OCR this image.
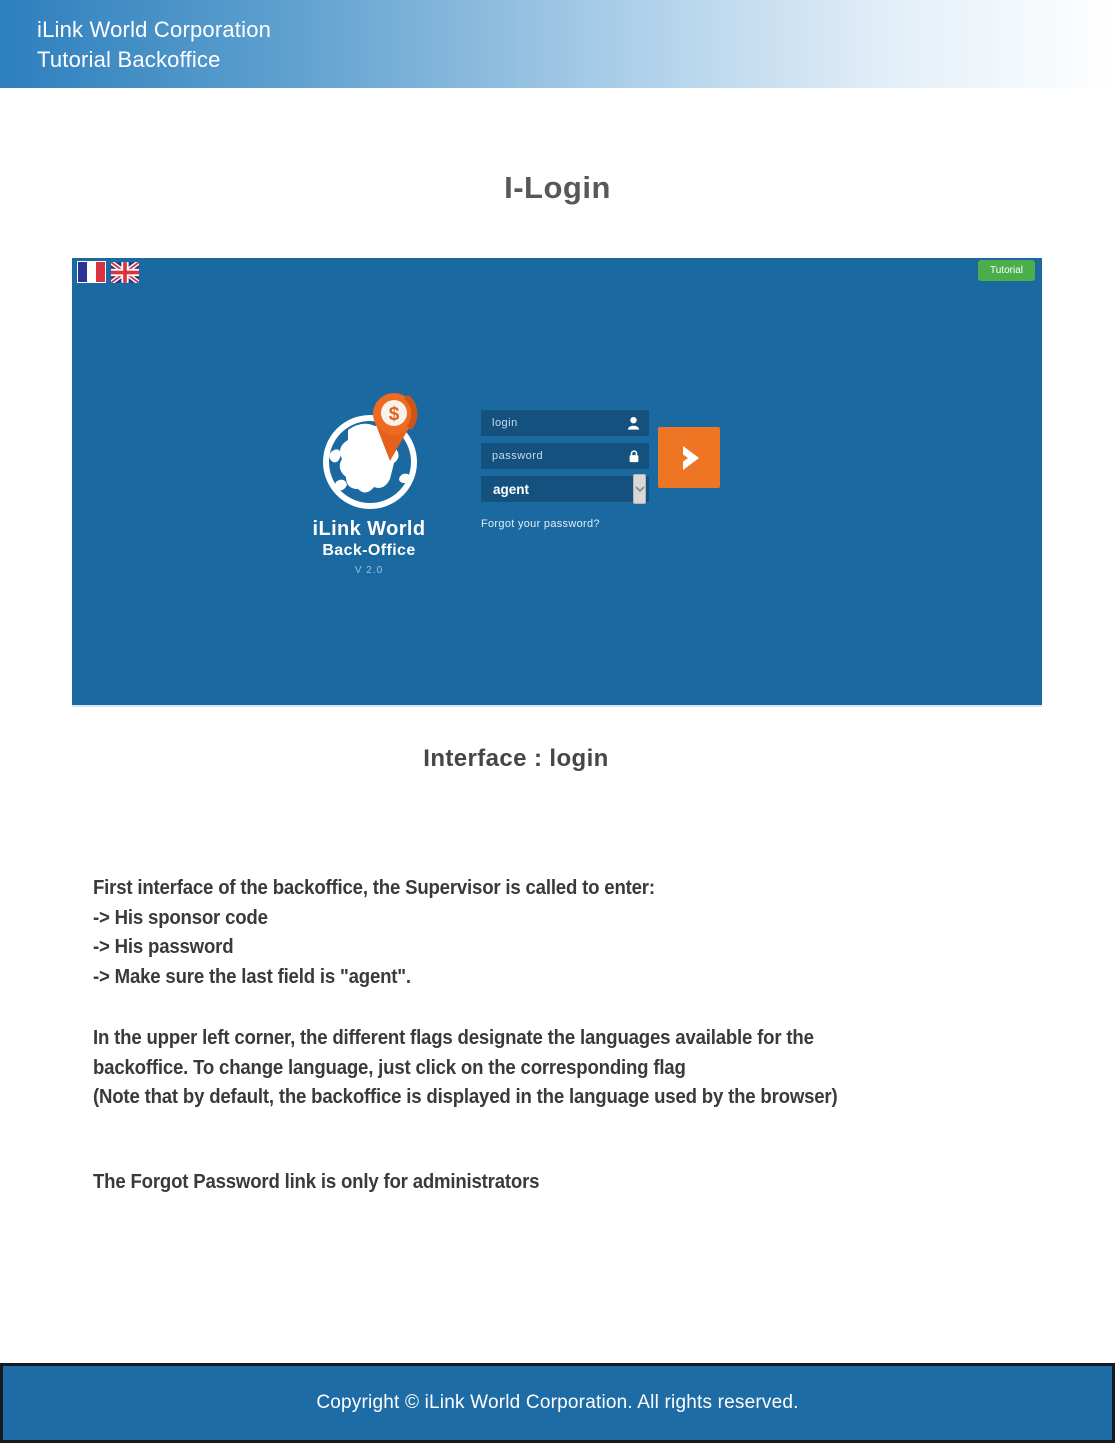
iLink World Corporation
Tutorial Backoffice
I-Login
Tutorial
$
iLink World
Back-Office
V 2.0
login
password
agent
Forgot your password?
Interface : login
First interface of the backoffice, the Supervisor is called to enter:
-> His sponsor code
-> His password
-> Make sure the last field is "agent".
In the upper left corner, the different flags designate the languages available for the
backoffice. To change language, just click on the corresponding flag
(Note that by default, the backoffice is displayed in the language used by the browser)
The Forgot Password link is only for administrators
Copyright © iLink World Corporation. All rights reserved.
